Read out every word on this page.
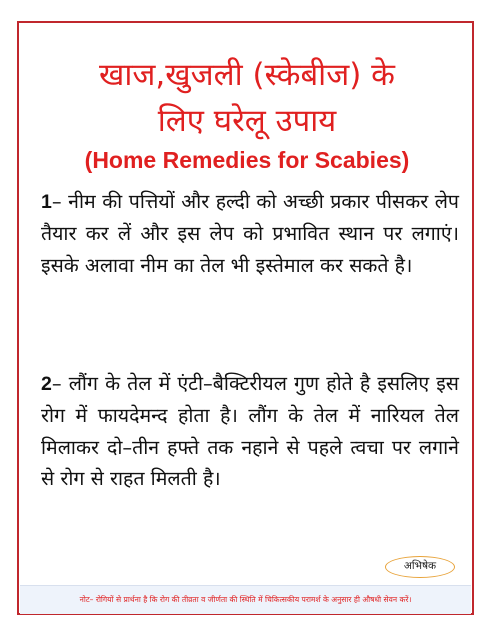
खाज,खुजली (स्केबीज) के
लिए घरेलू उपाय
(Home Remedies for Scabies)

1– नीम की पत्तियों और हल्दी को अच्छी प्रकार पीसकर लेप तैयार कर लें और इस लेप को प्रभावित स्थान पर लगाएं। इसके अलावा नीम का तेल भी इस्तेमाल कर सकते है।

2– लौंग के तेल में एंटी–बैक्टिरीयल गुण होते है इसलिए इस रोग में फायदेमन्द होता है। लौंग के तेल में नारियल तेल मिलाकर दो–तीन हफ्ते तक नहाने से पहले त्वचा पर लगाने से रोग से राहत मिलती है।

अभिषेक
नोट– रोगियों से प्रार्थना है कि रोग की तीव्रता व जीर्णता की स्थिति में चिकित्सकीय परामर्श के अनुसार ही औषधी सेवन करें।
